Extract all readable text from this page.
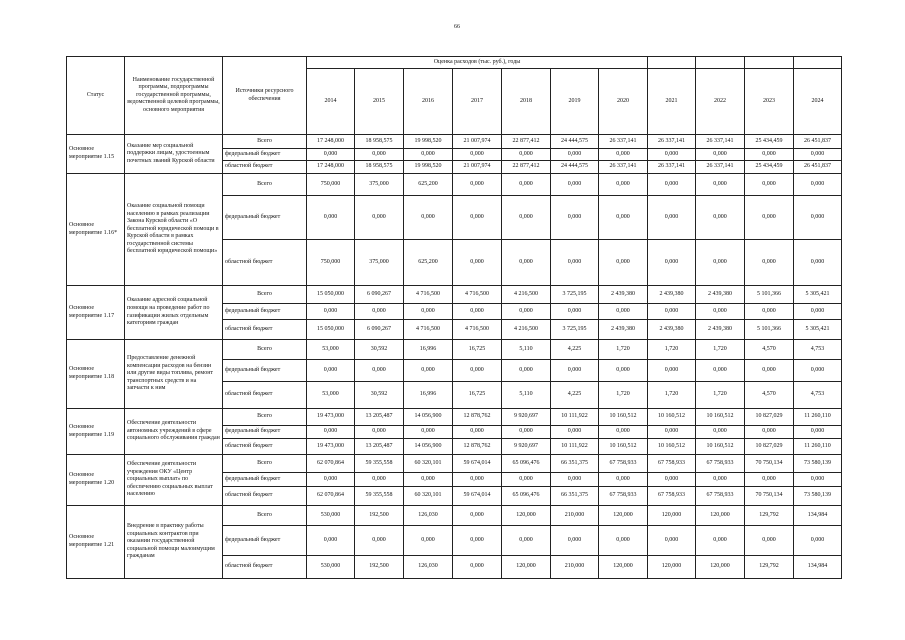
66
Статус	Наименование государственной программы, подпрограммы государственной программы, ведомственной целевой программы, основного мероприятия	Источники ресурсного обеспечения	Оценка расходов (тыс. руб.), годы										
			2014	2015	2016	2017	2018	2019	2020	2021	2022	2023	2024
Основное мероприятие 1.15	Оказание мер социальной поддержки лицам, удостоенным почетных званий Курской области	Всего	17 248,000	18 958,575	19 998,520	21 007,974	22 877,412	24 444,575	26 337,141	26 337,141	26 337,141	25 434,459	26 451,837
		федеральный бюджет	0,000	0,000	0,000	0,000	0,000	0,000	0,000	0,000	0,000	0,000	0,000
		областной бюджет	17 248,000	18 958,575	19 998,520	21 007,974	22 877,412	24 444,575	26 337,141	26 337,141	26 337,141	25 434,459	26 451,837
Основное мероприятие 1.16*	Оказание социальной помощи населению в рамках реализации Закона Курской области «О бесплатной юридической помощи в Курской области в рамках государственной системы бесплатной юридической помощи»	Всего	750,000	375,000	625,200	0,000	0,000	0,000	0,000	0,000	0,000	0,000	0,000
		федеральный бюджет	0,000	0,000	0,000	0,000	0,000	0,000	0,000	0,000	0,000	0,000	0,000
		областной бюджет	750,000	375,000	625,200	0,000	0,000	0,000	0,000	0,000	0,000	0,000	0,000
Основное мероприятие 1.17	Оказание адресной социальной помощи на проведение работ по газификации жилых отдельным категориям граждан	Всего	15 050,000	6 090,267	4 716,500	4 716,500	4 216,500	3 725,195	2 439,380	2 439,380	2 439,380	5 101,366	5 305,421
		федеральный бюджет	0,000	0,000	0,000	0,000	0,000	0,000	0,000	0,000	0,000	0,000	0,000
		областной бюджет	15 050,000	6 090,267	4 716,500	4 716,500	4 216,500	3 725,195	2 439,380	2 439,380	2 439,380	5 101,366	5 305,421
Основное мероприятие 1.18	Предоставление денежной компенсации расходов на бензин или другие виды топлива, ремонт транспортных средств и на запчасти к ним	Всего	53,000	30,592	16,996	16,725	5,110	4,225	1,720	1,720	1,720	4,570	4,753
		федеральный бюджет	0,000	0,000	0,000	0,000	0,000	0,000	0,000	0,000	0,000	0,000	0,000
		областной бюджет	53,000	30,592	16,996	16,725	5,110	4,225	1,720	1,720	1,720	4,570	4,753
Основное мероприятие 1.19	Обеспечение деятельности автономных учреждений в сфере социального обслуживания граждан	Всего	19 473,000	13 205,487	14 056,900	12 878,762	9 920,697	10 111,922	10 160,512	10 160,512	10 160,512	10 827,029	11 260,110
		федеральный бюджет	0,000	0,000	0,000	0,000	0,000	0,000	0,000	0,000	0,000	0,000	0,000
		областной бюджет	19 473,000	13 205,487	14 056,900	12 878,762	9 920,697	10 111,922	10 160,512	10 160,512	10 160,512	10 827,029	11 260,110
Основное мероприятие 1.20	Обеспечение деятельности учреждения ОКУ «Центр социальных выплат» по обеспечению социальных выплат населению	Всего	62 070,864	59 355,558	60 320,101	59 674,014	65 096,476	66 351,375	67 758,933	67 758,933	67 758,933	70 750,134	73 580,139
		федеральный бюджет	0,000	0,000	0,000	0,000	0,000	0,000	0,000	0,000	0,000	0,000	0,000
		областной бюджет	62 070,864	59 355,558	60 320,101	59 674,014	65 096,476	66 351,375	67 758,933	67 758,933	67 758,933	70 750,134	73 580,139
Основное мероприятие 1.21	Внедрение в практику работы социальных контрактов при оказании государственной социальной помощи малоимущим гражданам	Всего	530,000	192,500	126,030	0,000	120,000	210,000	120,000	120,000	120,000	129,792	134,984
		федеральный бюджет	0,000	0,000	0,000	0,000	0,000	0,000	0,000	0,000	0,000	0,000	0,000
		областной бюджет	530,000	192,500	126,030	0,000	120,000	210,000	120,000	120,000	120,000	129,792	134,984
